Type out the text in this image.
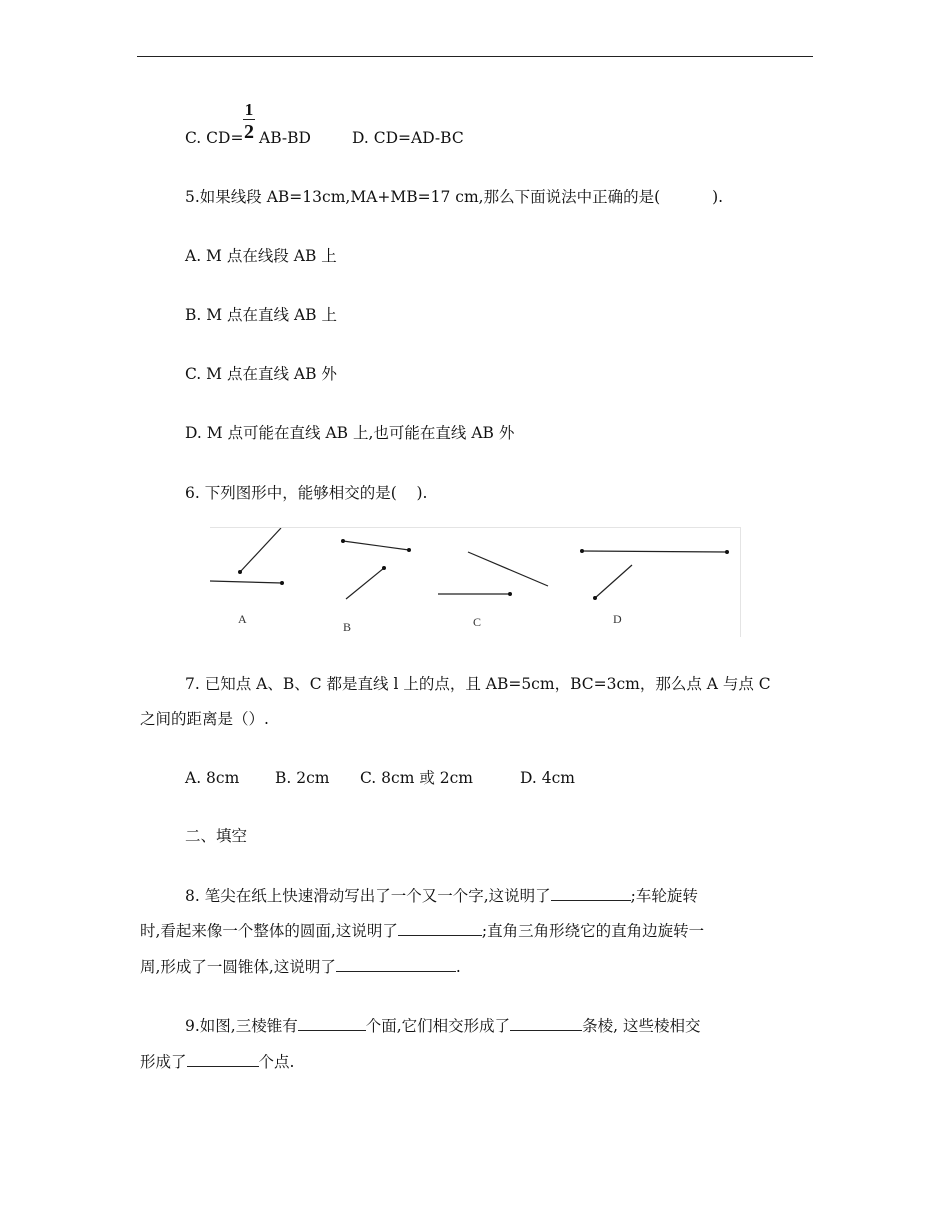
C. CD=
1
2 AB-BD	D. CD=AD-BC
5.如果线段 AB=13cm,MA+MB=17 cm,那么下面说法中正确的是(	).
A. M 点在线段 AB 上
B. M 点在直线 AB 上
C. M 点在直线 AB 外
D. M 点可能在直线 AB 上,也可能在直线 AB 外
6. 下列图形中，能够相交的是(    ).
A
B	C	D
7. 已知点 A、B、C 都是直线 l 上的点，且 AB=5cm，BC=3cm，那么点 A 与点 C
之间的距离是（）.
A. 8cm B. 2cm C. 8cm 或 2cm	D. 4cm
二、填空
8. 笔尖在纸上快速滑动写出了一个又一个字,这说明了	;车轮旋转
时,看起来像一个整体的圆面,这说明了	;直角三角形绕它的直角边旋转一
周,形成了一圆锥体,这说明了	.
9.如图,三棱锥有	个面,它们相交形成了	条棱, 这些棱相交
形成了	个点.
